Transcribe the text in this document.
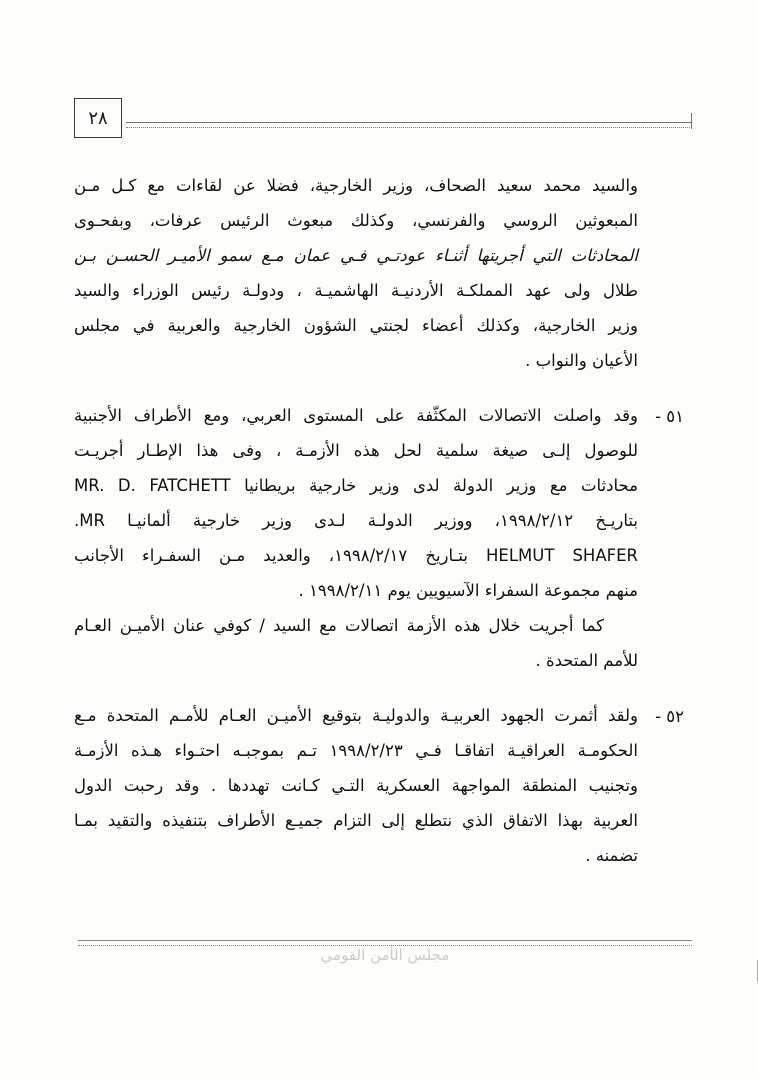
٢٨
والسيد محمد سعيد الصحاف، وزير الخارجية، فضلا عن لقاءات مع كـل مـن
المبعوثين الروسي والفرنسي، وكذلك مبعوث الرئيس عرفات، وبفحـوى
المحادثات التي أجريتها أثنـاء عودتـي فـي عمان مـع سمو الأميـر الحسـن بـن
طلال ولى عهد المملكـة الأردنيـة الهاشميـة ، ودولـة رئيس الوزراء والسيد
وزير الخارجية، وكذلك أعضاء لجنتي الشؤون الخارجية والعربية في مجلس
الأعيان والنواب .
٥١ -
وقد واصلت الاتصالات المكثّفة على المستوى العربي، ومع الأطراف الأجنبية
للوصول إلـى صيغة سلمية لحل هذه الأزمـة ، وفى هذا الإطـار أجريـت
محادثات مع وزير الدولة لدى وزير خارجية بريطانيا MR. D. FATCHETT
بتاريـخ ١٩٩٨/٢/١٢، ووزير الدولـة لـدى وزير خارجية ألمانيـا MR.
HELMUT SHAFER بتـاريخ ١٩٩٨/٢/١٧، والعديد مـن السفـراء الأجانب
منهم مجموعة السفراء الآسيويين يوم ١٩٩٨/٢/١١ .
كما أجريت خلال هذه الأزمة اتصالات مع السيد / كوفي عنان الأميـن العـام
للأمم المتحدة .
٥٢ -
ولقد أثمرت الجهود العربيـة والدوليـة بتوقيع الأميـن العـام للأمـم المتحدة مـع
الحكومـة العراقيـة اتفاقـا فـي ١٩٩٨/٢/٢٣ تـم بموجبـه احتـواء هـذه الأزمـة
وتجنيب المنطقة المواجهة العسكرية التـي كـانت تهددها . وقد رحبت الدول
العربية بهذا الاتفاق الذي نتطلع إلى التزام جميـع الأطراف بتنفيذه والتقيد بمـا
تضمنه .
مجلس الأمن القومي
